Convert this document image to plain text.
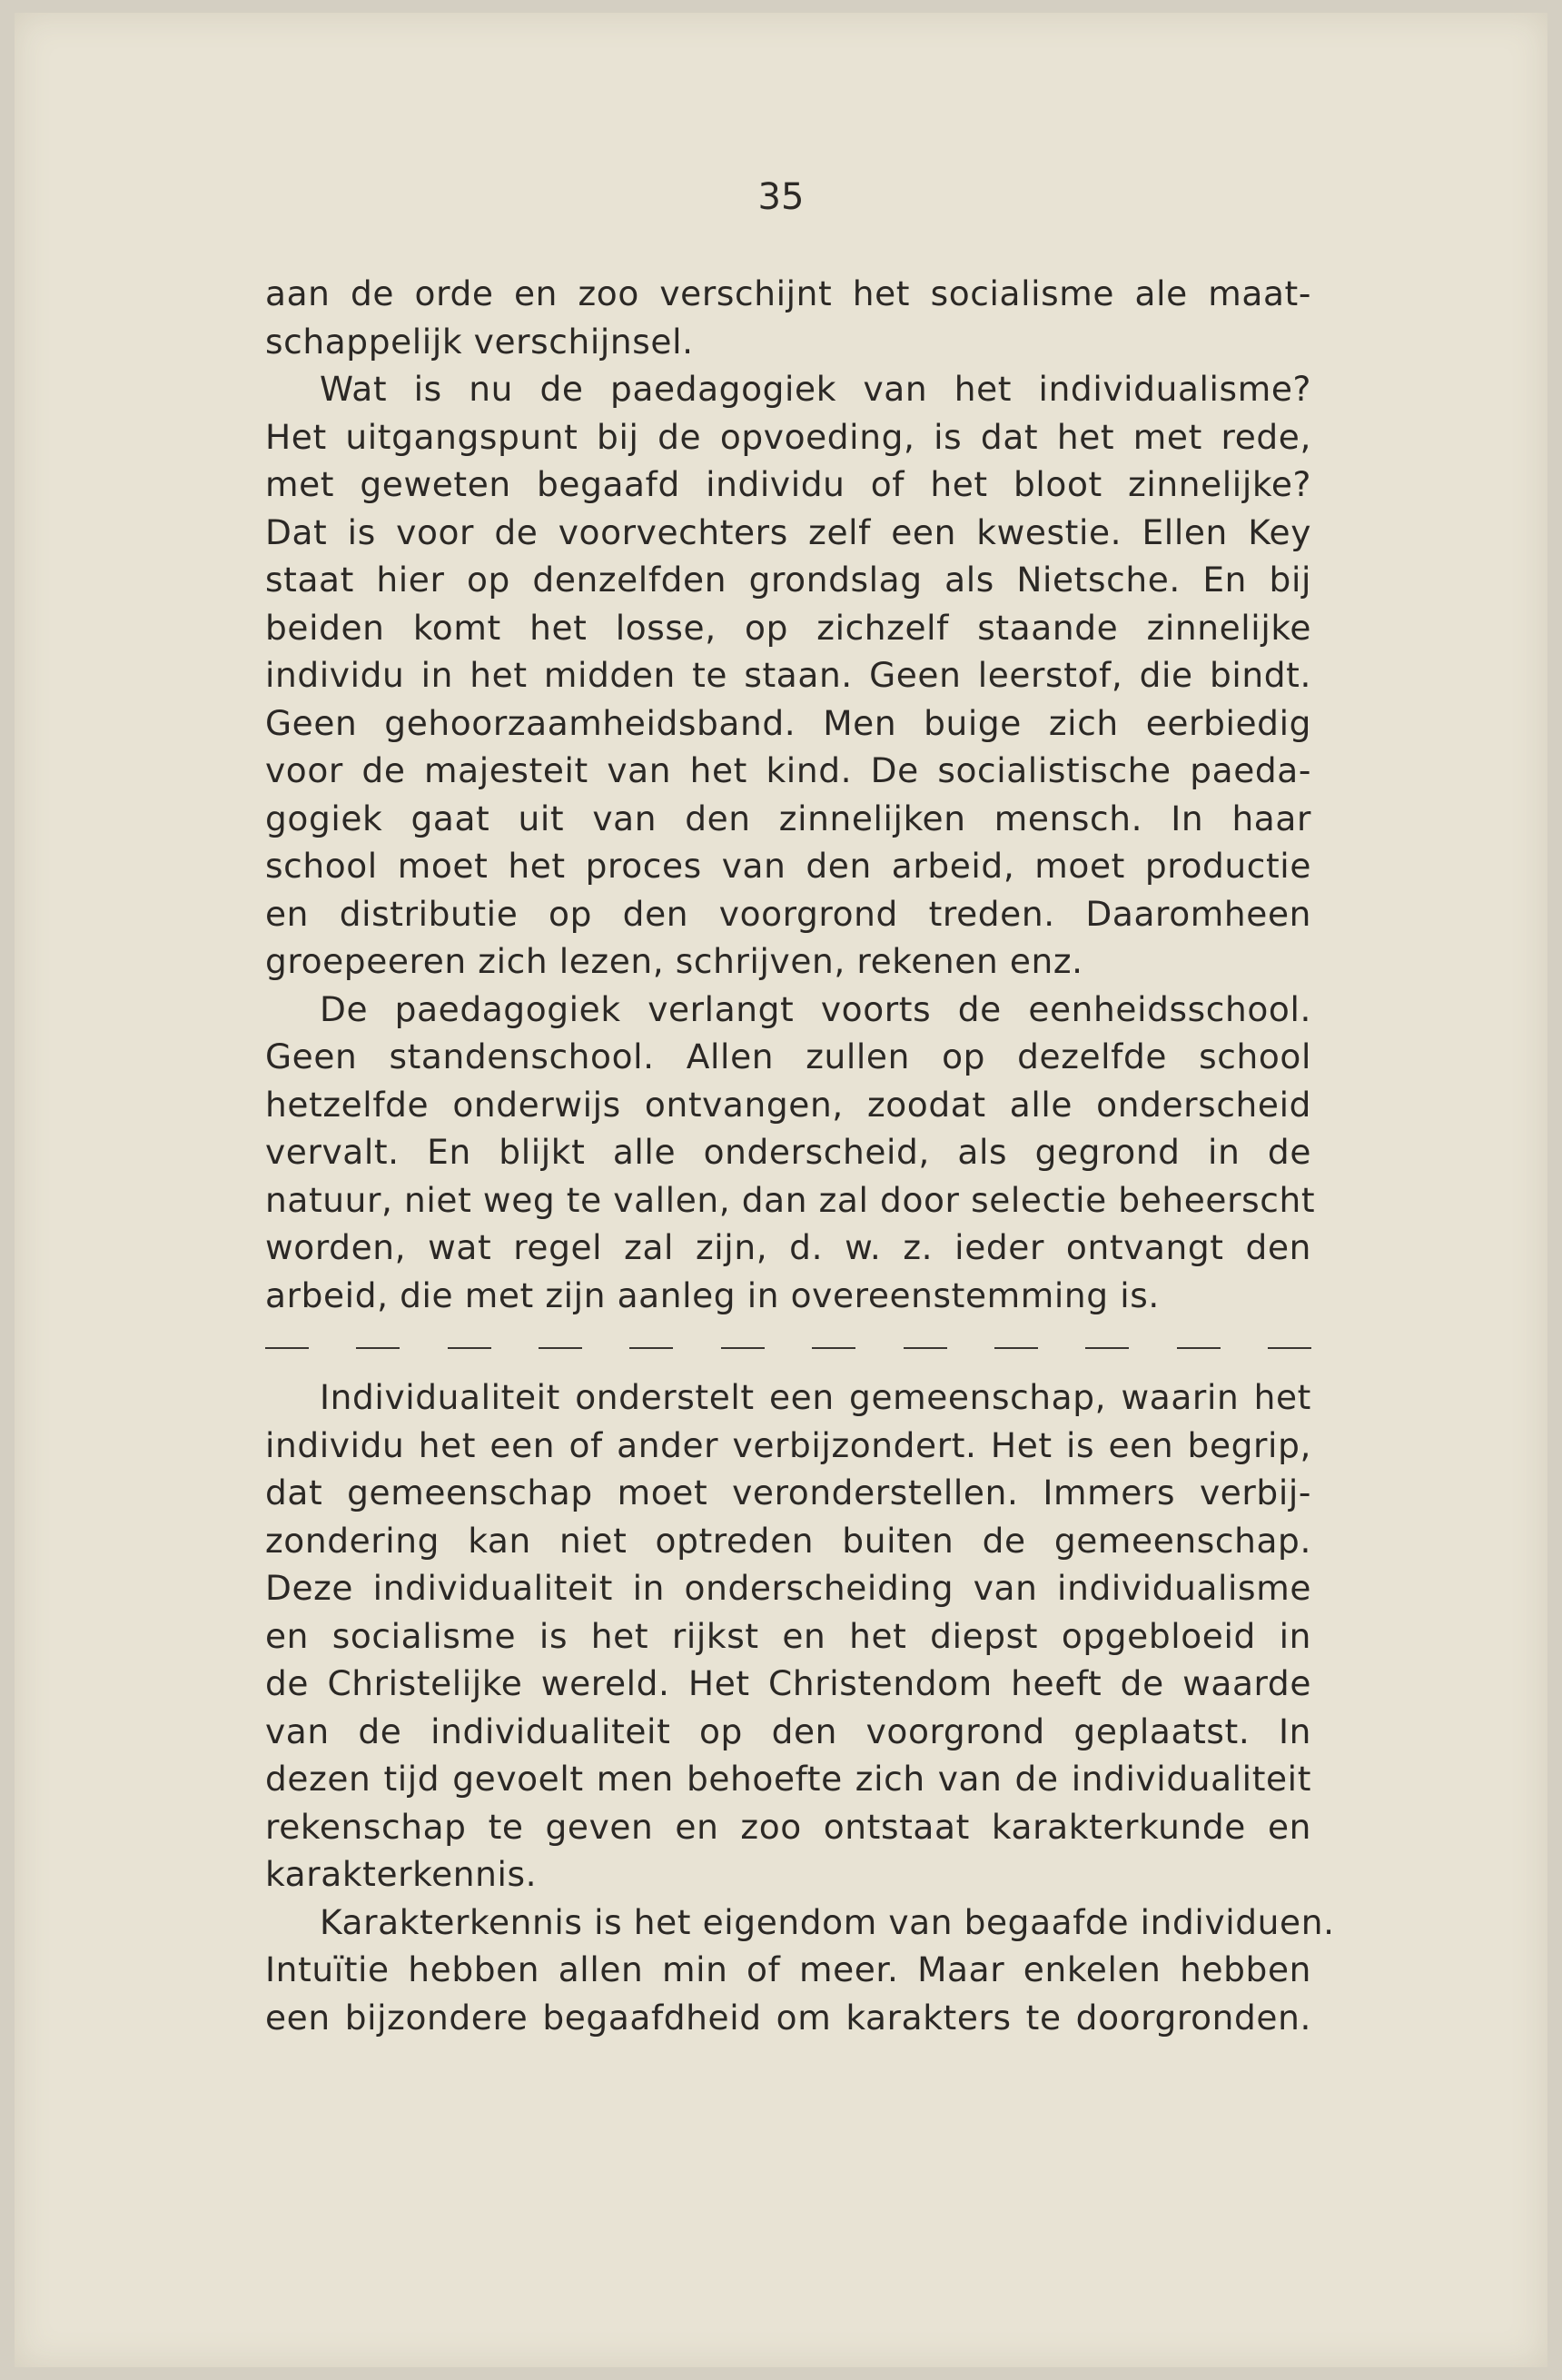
35

aan de orde en zoo verschijnt het socialisme ale maat-
schappelijk verschijnsel.

Wat is nu de paedagogiek van het individualisme?
Het uitgangspunt bij de opvoeding, is dat het met rede,
met geweten begaafd individu of het bloot zinnelijke?
Dat is voor de voorvechters zelf een kwestie. Ellen Key
staat hier op denzelfden grondslag als Nietsche. En bij
beiden komt het losse, op zichzelf staande zinnelijke
individu in het midden te staan. Geen leerstof, die bindt.
Geen gehoorzaamheidsband. Men buige zich eerbiedig
voor de majesteit van het kind. De socialistische paeda-
gogiek gaat uit van den zinnelijken mensch. In haar
school moet het proces van den arbeid, moet productie
en distributie op den voorgrond treden. Daaromheen
groepeeren zich lezen, schrijven, rekenen enz.

De paedagogiek verlangt voorts de eenheidsschool.
Geen standenschool. Allen zullen op dezelfde school
hetzelfde onderwijs ontvangen, zoodat alle onderscheid
vervalt. En blijkt alle onderscheid, als gegrond in de
natuur, niet weg te vallen, dan zal door selectie beheerscht
worden, wat regel zal zijn, d. w. z. ieder ontvangt den
arbeid, die met zijn aanleg in overeenstemming is.

Individualiteit onderstelt een gemeenschap, waarin het
individu het een of ander verbijzondert. Het is een begrip,
dat gemeenschap moet veronderstellen. Immers verbij-
zondering kan niet optreden buiten de gemeenschap.
Deze individualiteit in onderscheiding van individualisme
en socialisme is het rijkst en het diepst opgebloeid in
de Christelijke wereld. Het Christendom heeft de waarde
van de individualiteit op den voorgrond geplaatst. In
dezen tijd gevoelt men behoefte zich van de individualiteit
rekenschap te geven en zoo ontstaat karakterkunde en
karakterkennis.

Karakterkennis is het eigendom van begaafde individuen.
Intuïtie hebben allen min of meer. Maar enkelen hebben
een bijzondere begaafdheid om karakters te doorgronden.
